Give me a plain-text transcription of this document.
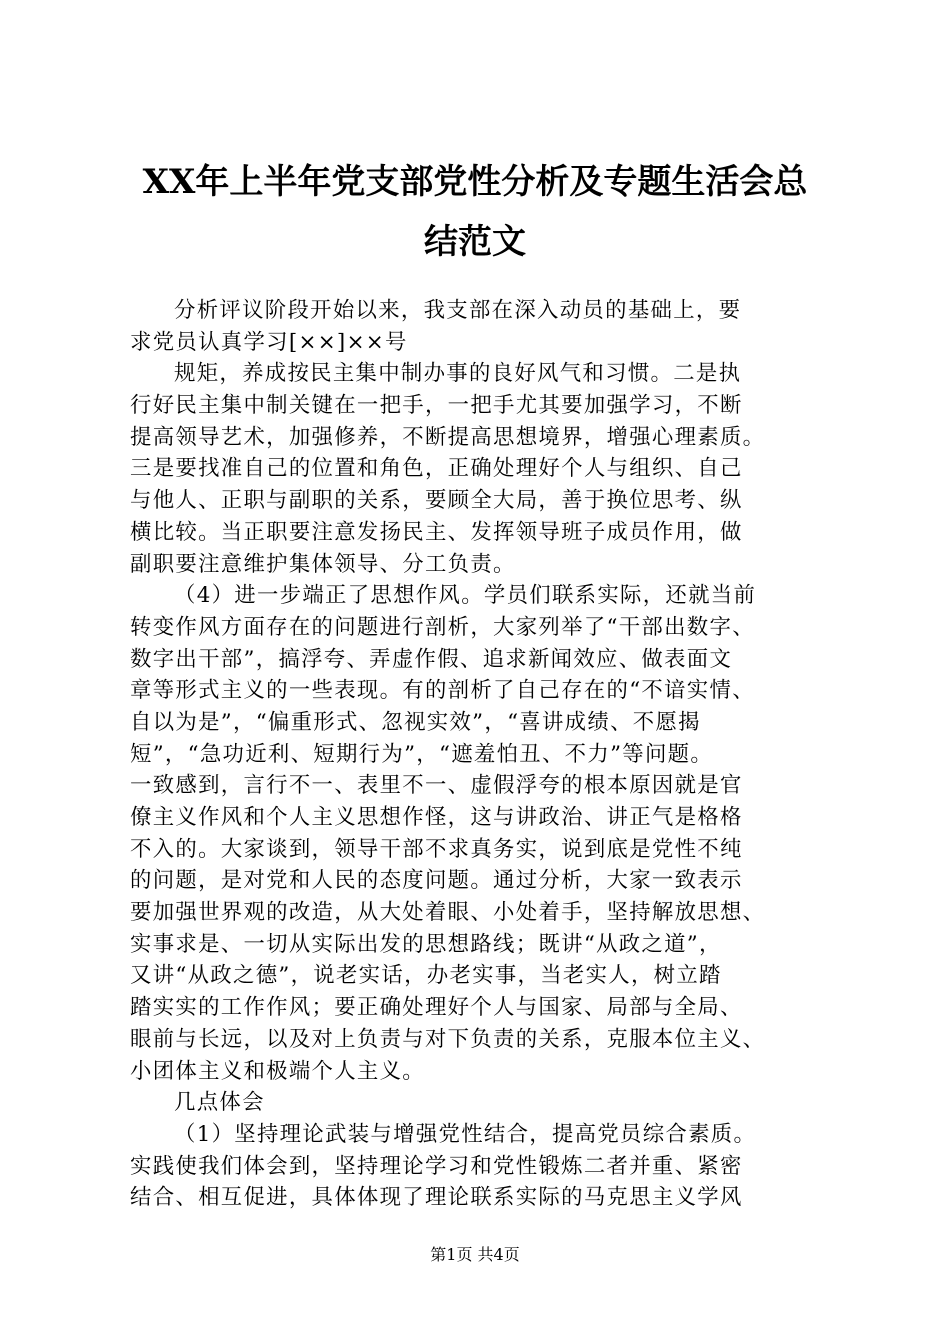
XX年上半年党支部党性分析及专题生活会总
结范文
分析评议阶段开始以来，我支部在深入动员的基础上，要
求党员认真学习[××]××号
规矩，养成按民主集中制办事的良好风气和习惯。二是执
行好民主集中制关键在一把手，一把手尤其要加强学习，不断
提高领导艺术，加强修养，不断提高思想境界，增强心理素质。
三是要找准自己的位置和角色，正确处理好个人与组织、自己
与他人、正职与副职的关系，要顾全大局，善于换位思考、纵
横比较。当正职要注意发扬民主、发挥领导班子成员作用，做
副职要注意维护集体领导、分工负责。
（4）进一步端正了思想作风。学员们联系实际，还就当前
转变作风方面存在的问题进行剖析，大家列举了“干部出数字、
数字出干部”，搞浮夸、弄虚作假、追求新闻效应、做表面文
章等形式主义的一些表现。有的剖析了自己存在的“不谙实情、
自以为是”，“偏重形式、忽视实效”，“喜讲成绩、不愿揭
短”，“急功近利、短期行为”，“遮羞怕丑、不力”等问题。
一致感到，言行不一、表里不一、虚假浮夸的根本原因就是官
僚主义作风和个人主义思想作怪，这与讲政治、讲正气是格格
不入的。大家谈到，领导干部不求真务实，说到底是党性不纯
的问题，是对党和人民的态度问题。通过分析，大家一致表示
要加强世界观的改造，从大处着眼、小处着手，坚持解放思想、
实事求是、一切从实际出发的思想路线；既讲“从政之道”，
又讲“从政之德”，说老实话，办老实事，当老实人，树立踏
踏实实的工作作风；要正确处理好个人与国家、局部与全局、
眼前与长远，以及对上负责与对下负责的关系，克服本位主义、
小团体主义和极端个人主义。
几点体会
（1）坚持理论武装与增强党性结合，提高党员综合素质。
实践使我们体会到，坚持理论学习和党性锻炼二者并重、紧密
结合、相互促进，具体体现了理论联系实际的马克思主义学风
第1页 共4页
